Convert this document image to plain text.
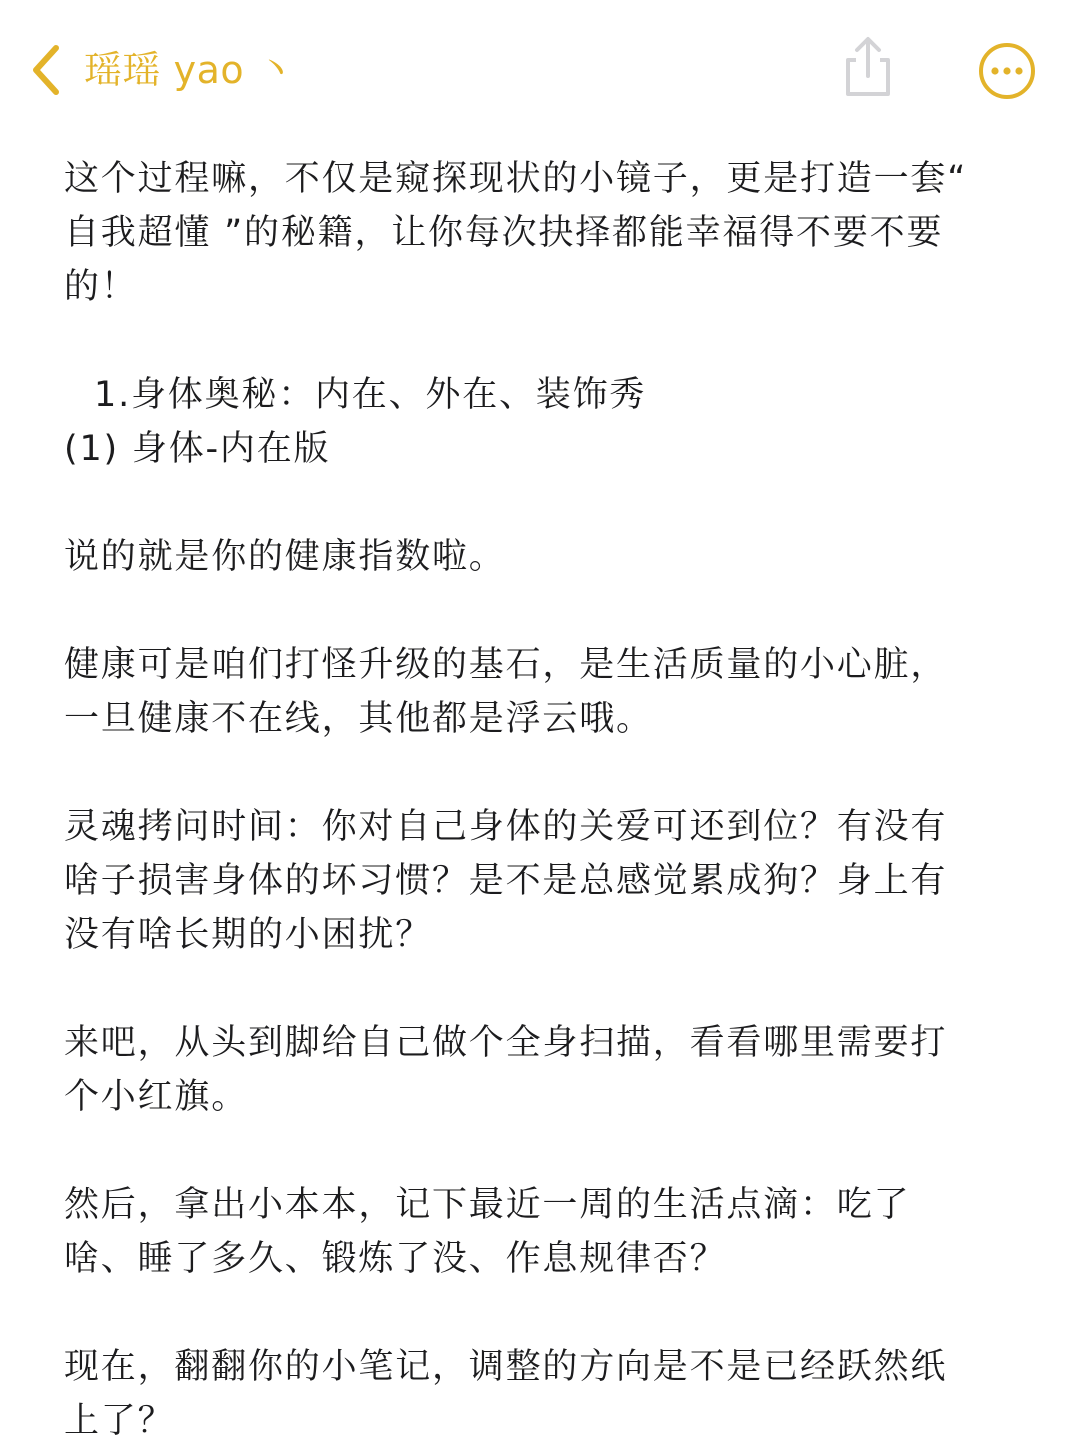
瑶瑶 yao 丶

这个过程嘛，不仅是窥探现状的小镜子，更是打造一套“ 自我超懂 ”的秘籍，让你每次抉择都能幸福得不要不要的！

1.身体奥秘：内在、外在、装饰秀

(1) 身体-内在版

说的就是你的健康指数啦。

健康可是咱们打怪升级的基石，是生活质量的小心脏，一旦健康不在线，其他都是浮云哦。

灵魂拷问时间：你对自己身体的关爱可还到位？有没有啥子损害身体的坏习惯？是不是总感觉累成狗？身上有没有啥长期的小困扰？

来吧，从头到脚给自己做个全身扫描，看看哪里需要打个小红旗。

然后，拿出小本本，记下最近一周的生活点滴：吃了啥、睡了多久、锻炼了没、作息规律否？

现在，翻翻你的小笔记，调整的方向是不是已经跃然纸上了？
